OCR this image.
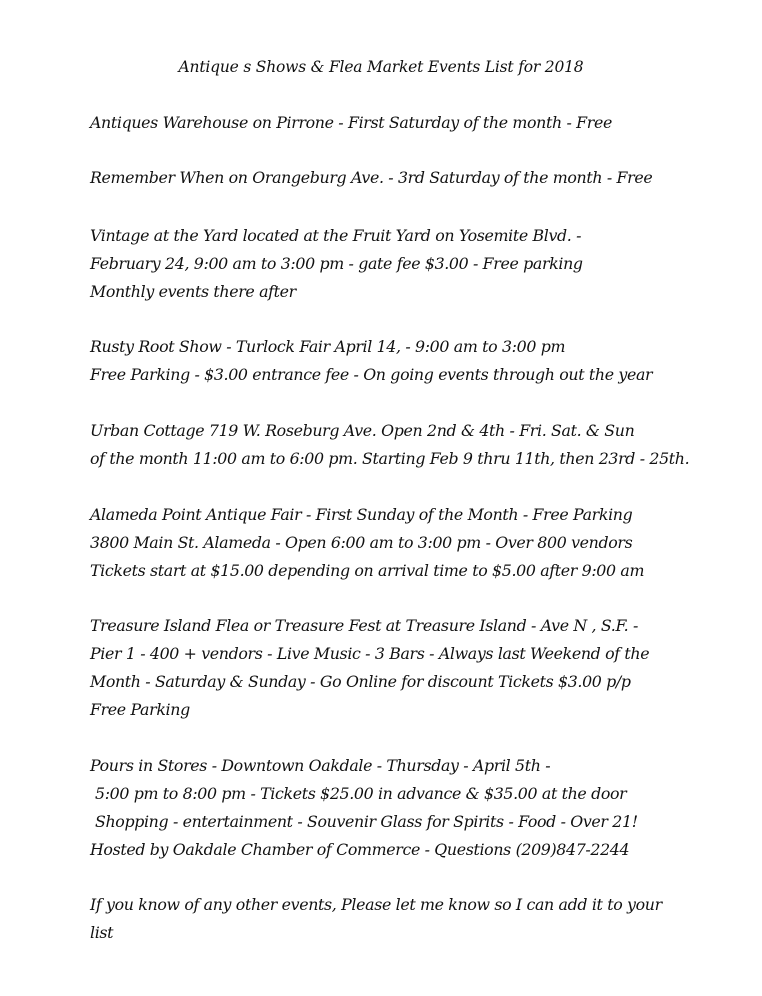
Antique s Shows & Flea Market Events List for 2018
Antiques Warehouse on Pirrone - First Saturday of the month - Free
Remember When on Orangeburg Ave. - 3rd Saturday of the month - Free
Vintage at the Yard located at the Fruit Yard on Yosemite Blvd. -
February 24, 9:00 am to 3:00 pm - gate fee $3.00 - Free parking
Monthly events there after
Rusty Root Show - Turlock Fair April 14, - 9:00 am to 3:00 pm
Free Parking - $3.00 entrance fee - On going events through out the year
Urban Cottage 719 W. Roseburg Ave. Open 2nd & 4th - Fri. Sat. & Sun
of the month 11:00 am to 6:00 pm. Starting Feb 9 thru 11th, then 23rd - 25th.
Alameda Point Antique Fair - First Sunday of the Month - Free Parking
3800 Main St. Alameda - Open 6:00 am to 3:00 pm - Over 800 vendors
Tickets start at $15.00 depending on arrival time to $5.00 after 9:00 am
Treasure Island Flea or Treasure Fest at Treasure Island - Ave N , S.F. -
Pier 1 - 400 + vendors - Live Music - 3 Bars - Always last Weekend of the
Month - Saturday & Sunday - Go Online for discount Tickets $3.00 p/p
Free Parking
Pours in Stores - Downtown Oakdale - Thursday - April 5th -
5:00 pm to 8:00 pm - Tickets $25.00 in advance & $35.00 at the door
Shopping - entertainment - Souvenir Glass for Spirits - Food - Over 21!
Hosted by Oakdale Chamber of Commerce - Questions (209)847-2244
If you know of any other events, Please let me know so I can add it to your
list
